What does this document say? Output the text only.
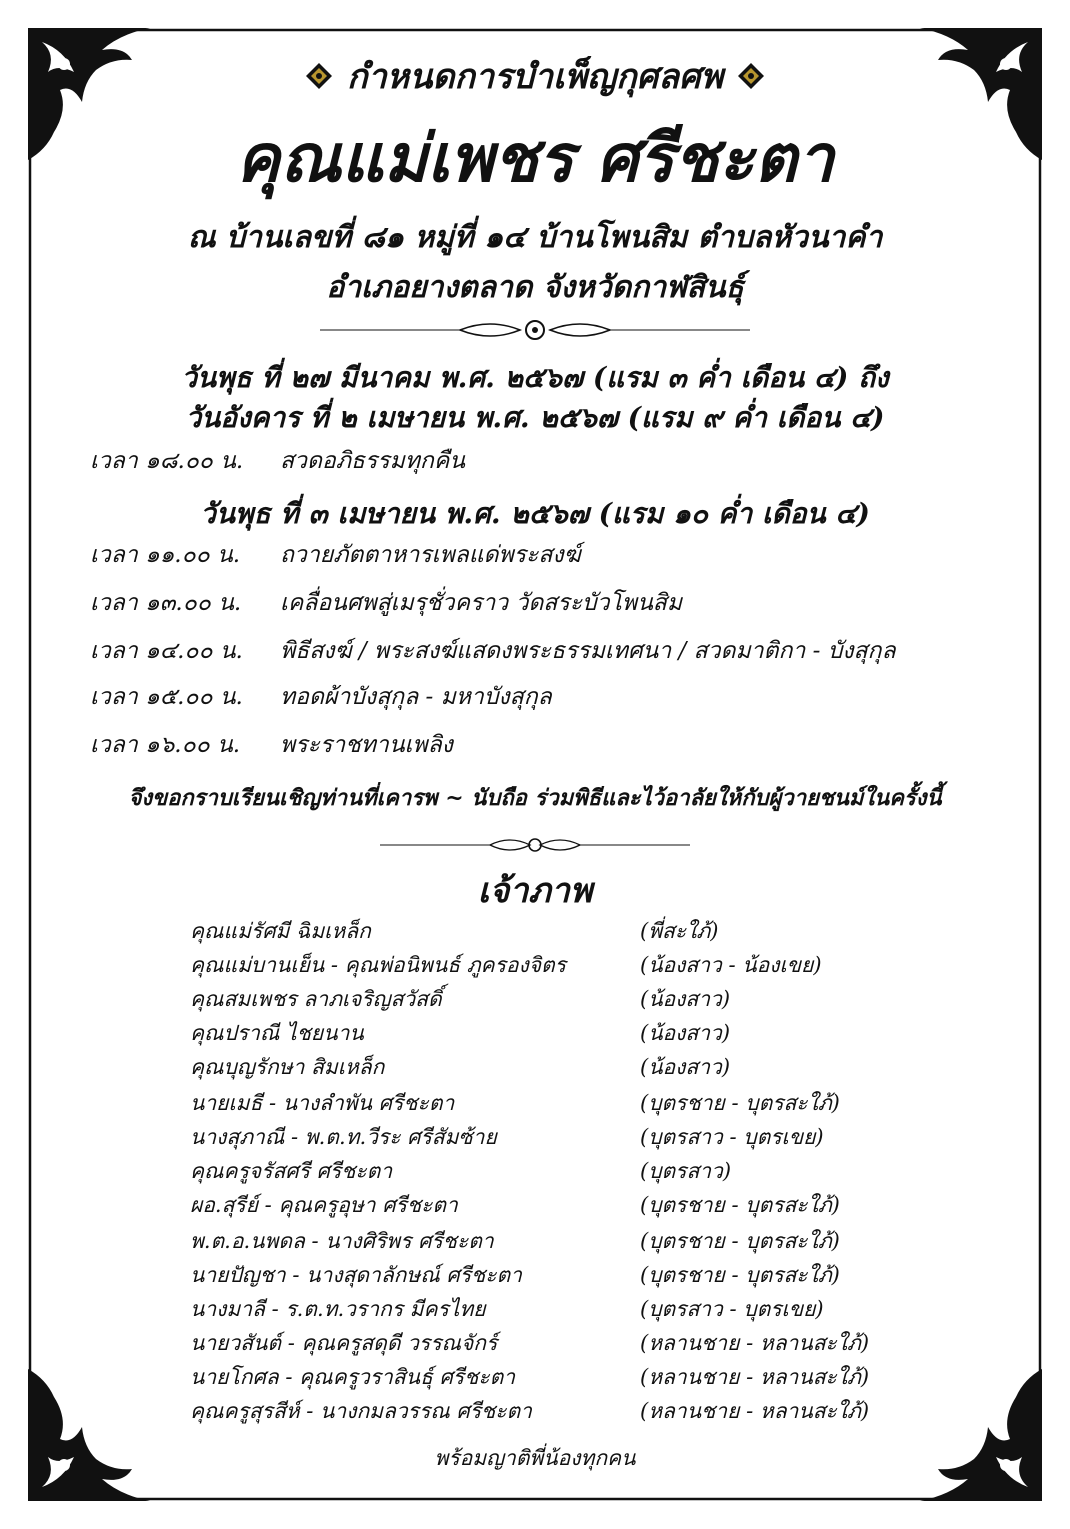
กำหนดการบำเพ็ญกุศลศพ
คุณแม่เพชร ศรีชะตา
ณ บ้านเลขที่ ๘๑ หมู่ที่ ๑๔ บ้านโพนสิม ตำบลหัวนาคำ
อำเภอยางตลาด จังหวัดกาฬสินธุ์
วันพุธ ที่ ๒๗ มีนาคม พ.ศ. ๒๕๖๗ (แรม ๓ ค่ำ เดือน ๔) ถึง
วันอังคาร ที่ ๒ เมษายน พ.ศ. ๒๕๖๗ (แรม ๙ ค่ำ เดือน ๔)
เวลา ๑๘.๐๐ น. สวดอภิธรรมทุกคืน
วันพุธ ที่ ๓ เมษายน พ.ศ. ๒๕๖๗ (แรม ๑๐ ค่ำ เดือน ๔)
เวลา ๑๑.๐๐ น. ถวายภัตตาหารเพลแด่พระสงฆ์
เวลา ๑๓.๐๐ น. เคลื่อนศพสู่เมรุชั่วคราว วัดสระบัวโพนสิม
เวลา ๑๔.๐๐ น. พิธีสงฆ์ / พระสงฆ์แสดงพระธรรมเทศนา / สวดมาติกา - บังสุกุล
เวลา ๑๕.๐๐ น. ทอดผ้าบังสุกุล - มหาบังสุกุล
เวลา ๑๖.๐๐ น. พระราชทานเพลิง
จึงขอกราบเรียนเชิญท่านที่เคารพ ~ นับถือ ร่วมพิธีและไว้อาลัยให้กับผู้วายชนม์ในครั้งนี้
เจ้าภาพ
คุณแม่รัศมี ฉิมเหล็ก	(พี่สะใภ้)
คุณแม่บานเย็น - คุณพ่อนิพนธ์ ภูครองจิตร	(น้องสาว - น้องเขย)
คุณสมเพชร ลาภเจริญสวัสดิ์	(น้องสาว)
คุณปราณี ไชยนาน	(น้องสาว)
คุณบุญรักษา สิมเหล็ก	(น้องสาว)
นายเมธี - นางลำพัน ศรีชะตา	(บุตรชาย - บุตรสะใภ้)
นางสุภาณี - พ.ต.ท.วีระ ศรีสัมซ้าย	(บุตรสาว - บุตรเขย)
คุณครูจรัสศรี ศรีชะตา	(บุตรสาว)
ผอ.สุรีย์ - คุณครูอุษา ศรีชะตา	(บุตรชาย - บุตรสะใภ้)
พ.ต.อ.นพดล - นางศิริพร ศรีชะตา	(บุตรชาย - บุตรสะใภ้)
นายปัญชา - นางสุดาลักษณ์ ศรีชะตา	(บุตรชาย - บุตรสะใภ้)
นางมาลี - ร.ต.ท.วรากร มีครไทย	(บุตรสาว - บุตรเขย)
นายวสันต์ - คุณครูสดุดี วรรณจักร์	(หลานชาย - หลานสะใภ้)
นายโกศล - คุณครูวราสินธุ์ ศรีชะตา	(หลานชาย - หลานสะใภ้)
คุณครูสุรสีห์ - นางกมลวรรณ ศรีชะตา	(หลานชาย - หลานสะใภ้)
พร้อมญาติพี่น้องทุกคน
